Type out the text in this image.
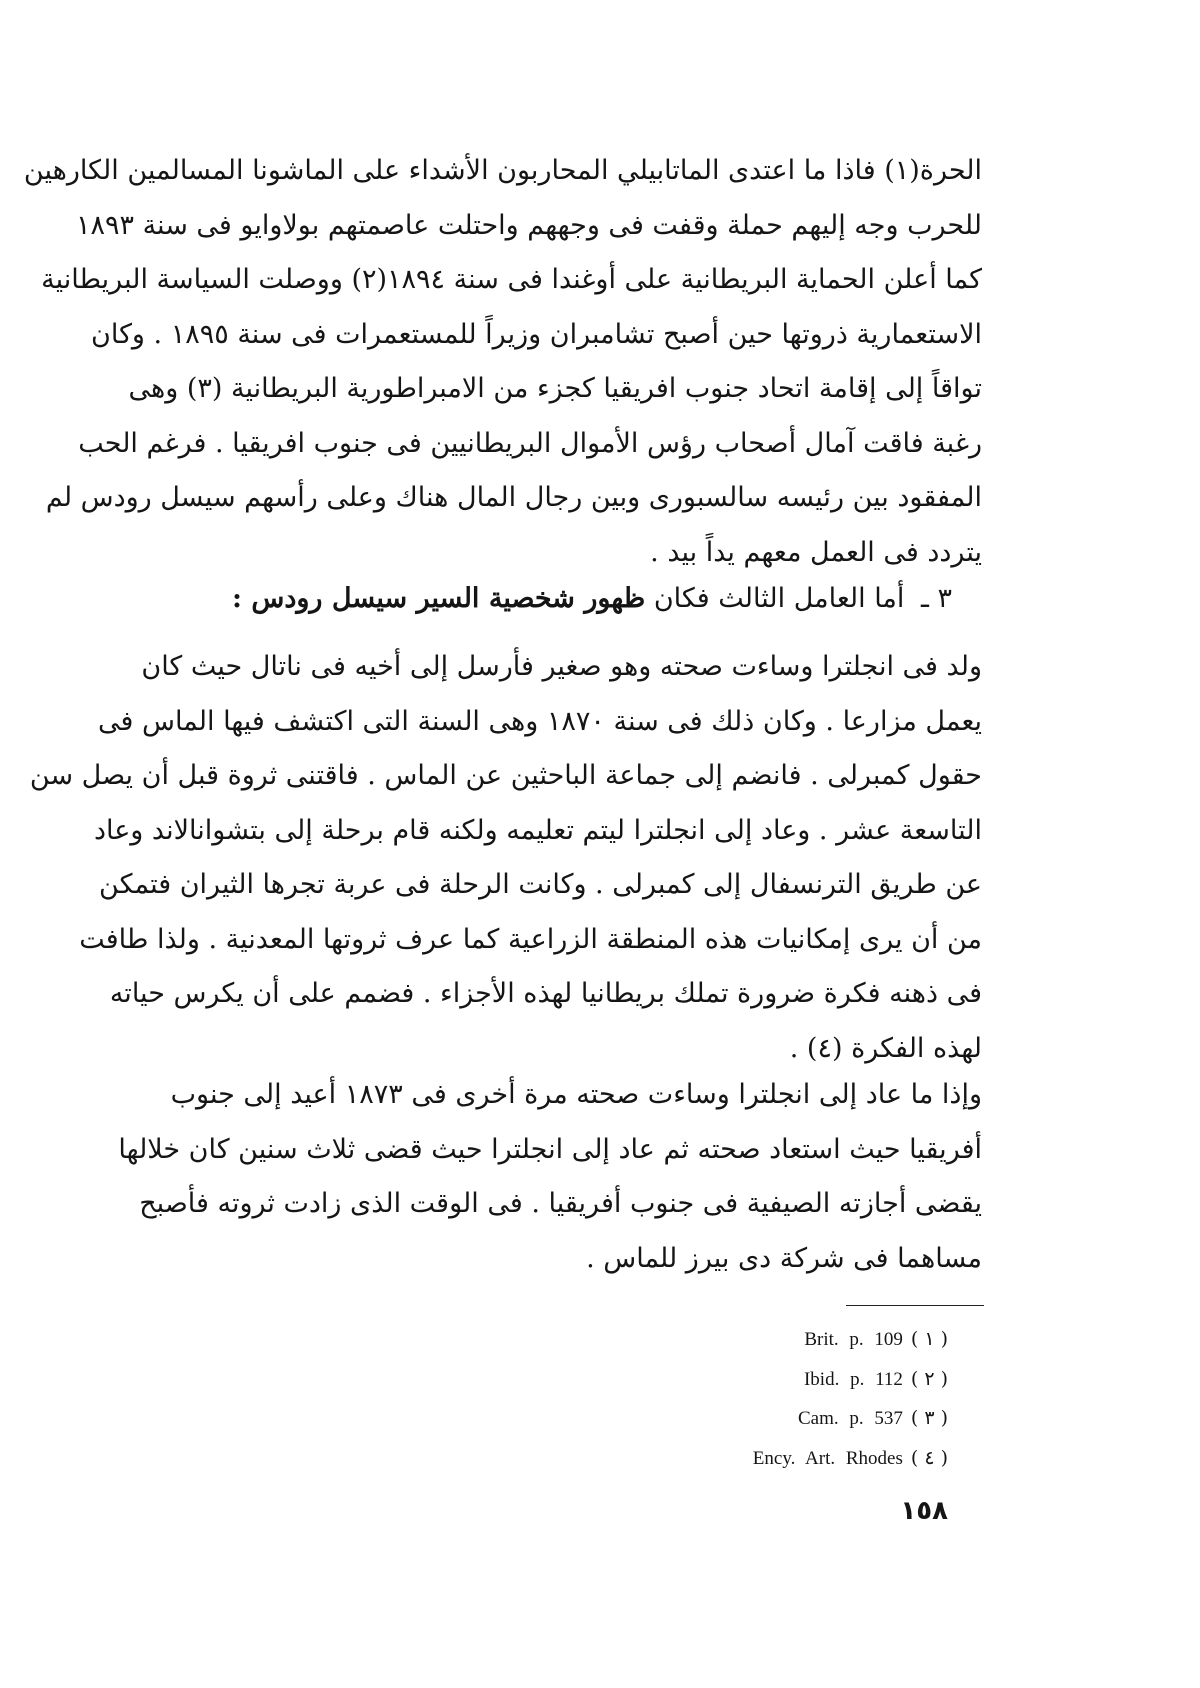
الحرة(١) فاذا ما اعتدى الماتابيلي المحاربون الأشداء على الماشونا المسالمين الكارهين
للحرب وجه إليهم حملة وقفت فى وجههم واحتلت عاصمتهم بولاوايو فى سنة ١٨٩٣
كما أعلن الحماية البريطانية على أوغندا فى سنة ١٨٩٤(٢) ووصلت السياسة البريطانية
الاستعمارية ذروتها حين أصبح تشامبران وزيراً للمستعمرات فى سنة ١٨٩٥ . وكان
تواقاً إلى إقامة اتحاد جنوب افريقيا كجزء من الامبراطورية البريطانية (٣) وهى
رغبة فاقت آمال أصحاب رؤس الأموال البريطانيين فى جنوب افريقيا . فرغم الحب
المفقود بين رئيسه سالسبورى وبين رجال المال هناك وعلى رأسهم سيسل رودس لم
يتردد فى العمل معهم يداً بيد .
٣ ـ أما العامل الثالث فكان ظهور شخصية السير سيسل رودس :
ولد فى انجلترا وساءت صحته وهو صغير فأرسل إلى أخيه فى ناتال حيث كان
يعمل مزارعا . وكان ذلك فى سنة ١٨٧٠ وهى السنة التى اكتشف فيها الماس فى
حقول كمبرلى . فانضم إلى جماعة الباحثين عن الماس . فاقتنى ثروة قبل أن يصل سن
التاسعة عشر . وعاد إلى انجلترا ليتم تعليمه ولكنه قام برحلة إلى بتشوانالاند وعاد
عن طريق الترنسفال إلى كمبرلى . وكانت الرحلة فى عربة تجرها الثيران فتمكن
من أن يرى إمكانيات هذه المنطقة الزراعية كما عرف ثروتها المعدنية . ولذا طافت
فى ذهنه فكرة ضرورة تملك بريطانيا لهذه الأجزاء . فضمم على أن يكرس حياته
لهذه الفكرة (٤) .
وإذا ما عاد إلى انجلترا وساءت صحته مرة أخرى فى ١٨٧٣ أعيد إلى جنوب
أفريقيا حيث استعاد صحته ثم عاد إلى انجلترا حيث قضى ثلاث سنين كان خلالها
يقضى أجازته الصيفية فى جنوب أفريقيا . فى الوقت الذى زادت ثروته فأصبح
مساهما فى شركة دى بيرز للماس .
Brit. p. 109 ( ١ )
Ibid. p. 112 ( ٢ )
Cam. p. 537 ( ٣ )
Ency. Art. Rhodes ( ٤ )
١٥٨
